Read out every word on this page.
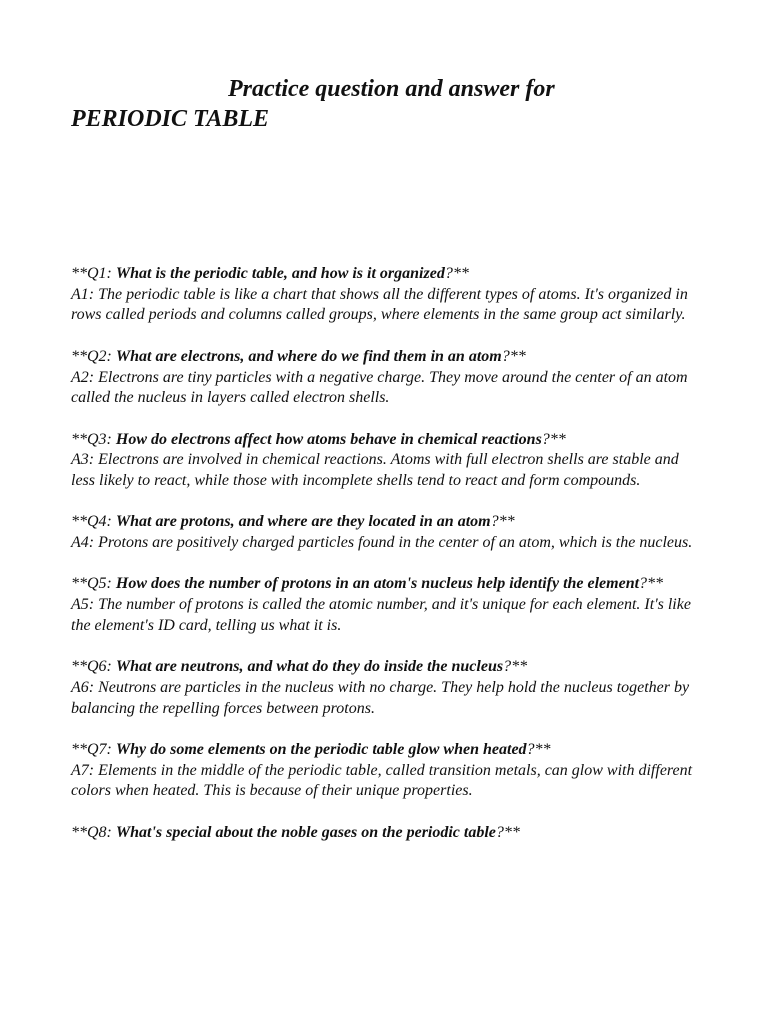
Practice question and answer for
PERIODIC TABLE

**Q1: What is the periodic table, and how is it organized?**

A1: The periodic table is like a chart that shows all the different types of atoms. It's organized in rows called periods and columns called groups, where elements in the same group act similarly.

**Q2: What are electrons, and where do we find them in an atom?**

A2: Electrons are tiny particles with a negative charge. They move around the center of an atom called the nucleus in layers called electron shells.

**Q3: How do electrons affect how atoms behave in chemical reactions?**

A3: Electrons are involved in chemical reactions. Atoms with full electron shells are stable and less likely to react, while those with incomplete shells tend to react and form compounds.

**Q4: What are protons, and where are they located in an atom?**

A4: Protons are positively charged particles found in the center of an atom, which is the nucleus.

**Q5: How does the number of protons in an atom's nucleus help identify the element?**

A5: The number of protons is called the atomic number, and it's unique for each element. It's like the element's ID card, telling us what it is.

**Q6: What are neutrons, and what do they do inside the nucleus?**

A6: Neutrons are particles in the nucleus with no charge. They help hold the nucleus together by balancing the repelling forces between protons.

**Q7: Why do some elements on the periodic table glow when heated?**

A7: Elements in the middle of the periodic table, called transition metals, can glow with different colors when heated. This is because of their unique properties.

**Q8: What's special about the noble gases on the periodic table?**
